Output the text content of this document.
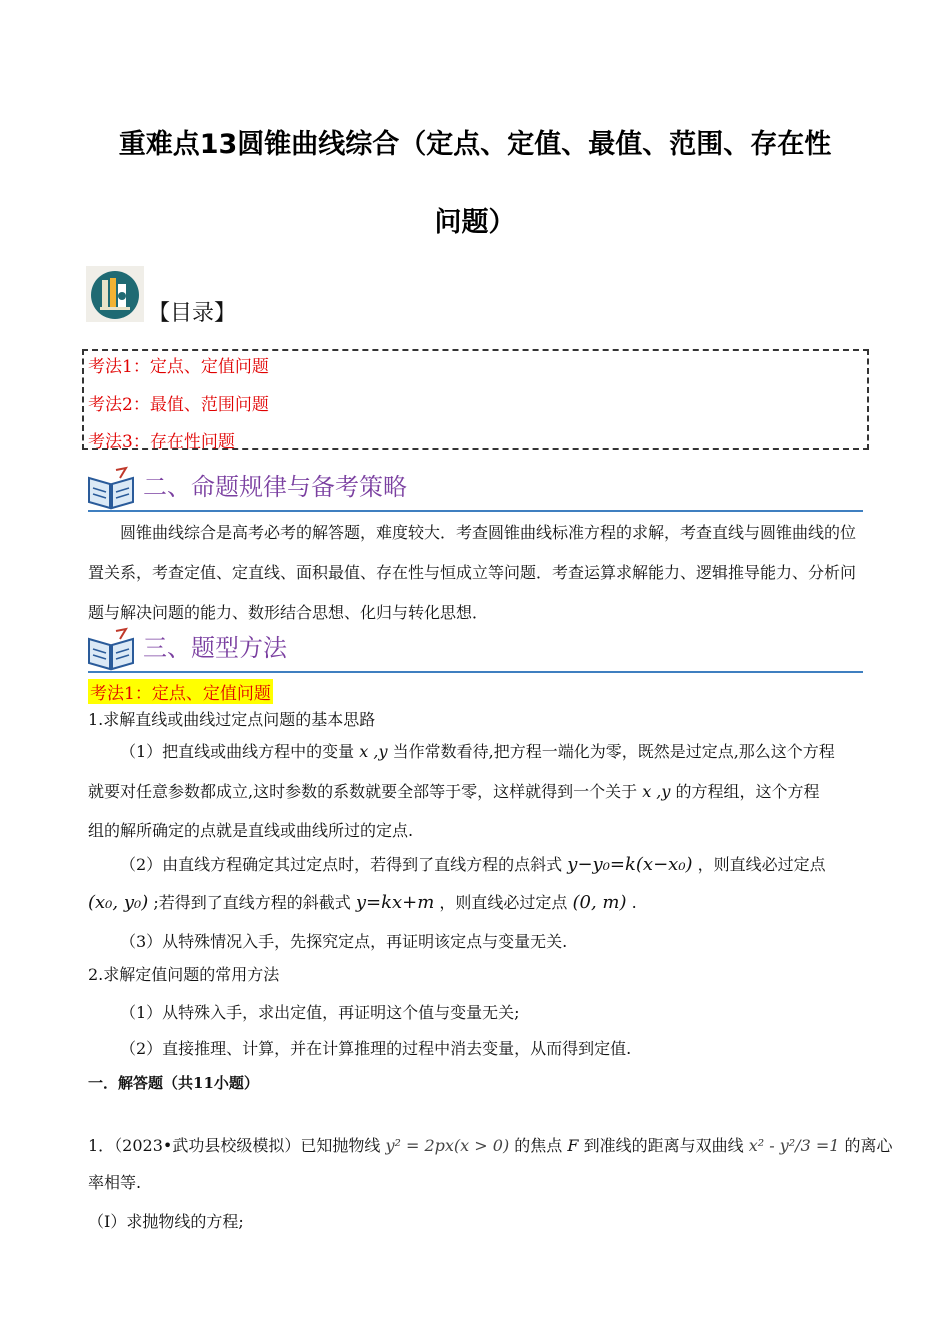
重难点13圆锥曲线综合（定点、定值、最值、范围、存在性
问题）
【目录】
考法1：定点、定值问题
考法2：最值、范围问题
考法3：存在性问题
二、命题规律与备考策略

圆锥曲线综合是高考必考的解答题，难度较大．考查圆锥曲线标准方程的求解，考查直线与圆锥曲线的位置关系，考查定值、定直线、面积最值、存在性与恒成立等问题．考查运算求解能力、逻辑推导能力、分析问题与解决问题的能力、数形结合思想、化归与转化思想．

三、题型方法
考法1：定点、定值问题
1.求解直线或曲线过定点问题的基本思路
（1）把直线或曲线方程中的变量 x ,y 当作常数看待,把方程一端化为零，既然是过定点,那么这个方程
就要对任意参数都成立,这时参数的系数就要全部等于零，这样就得到一个关于 x ,y 的方程组，这个方程
组的解所确定的点就是直线或曲线所过的定点.
（2）由直线方程确定其过定点时，若得到了直线方程的点斜式 y−y₀=k(x−x₀) ，则直线必过定点
(x₀, y₀) ;若得到了直线方程的斜截式 y=kx+m ，则直线必过定点 (0, m) .
（3）从特殊情况入手，先探究定点，再证明该定点与变量无关.
2.求解定值问题的常用方法
（1）从特殊入手，求出定值，再证明这个值与变量无关;
（2）直接推理、计算，并在计算推理的过程中消去变量，从而得到定值.
一．解答题（共11小题）
1．（2023•武功县校级模拟）已知抛物线 y² = 2px(x > 0) 的焦点 F 到准线的距离与双曲线 x² - y²/3 =1 的离心
率相等.
（Ⅰ）求抛物线的方程;
